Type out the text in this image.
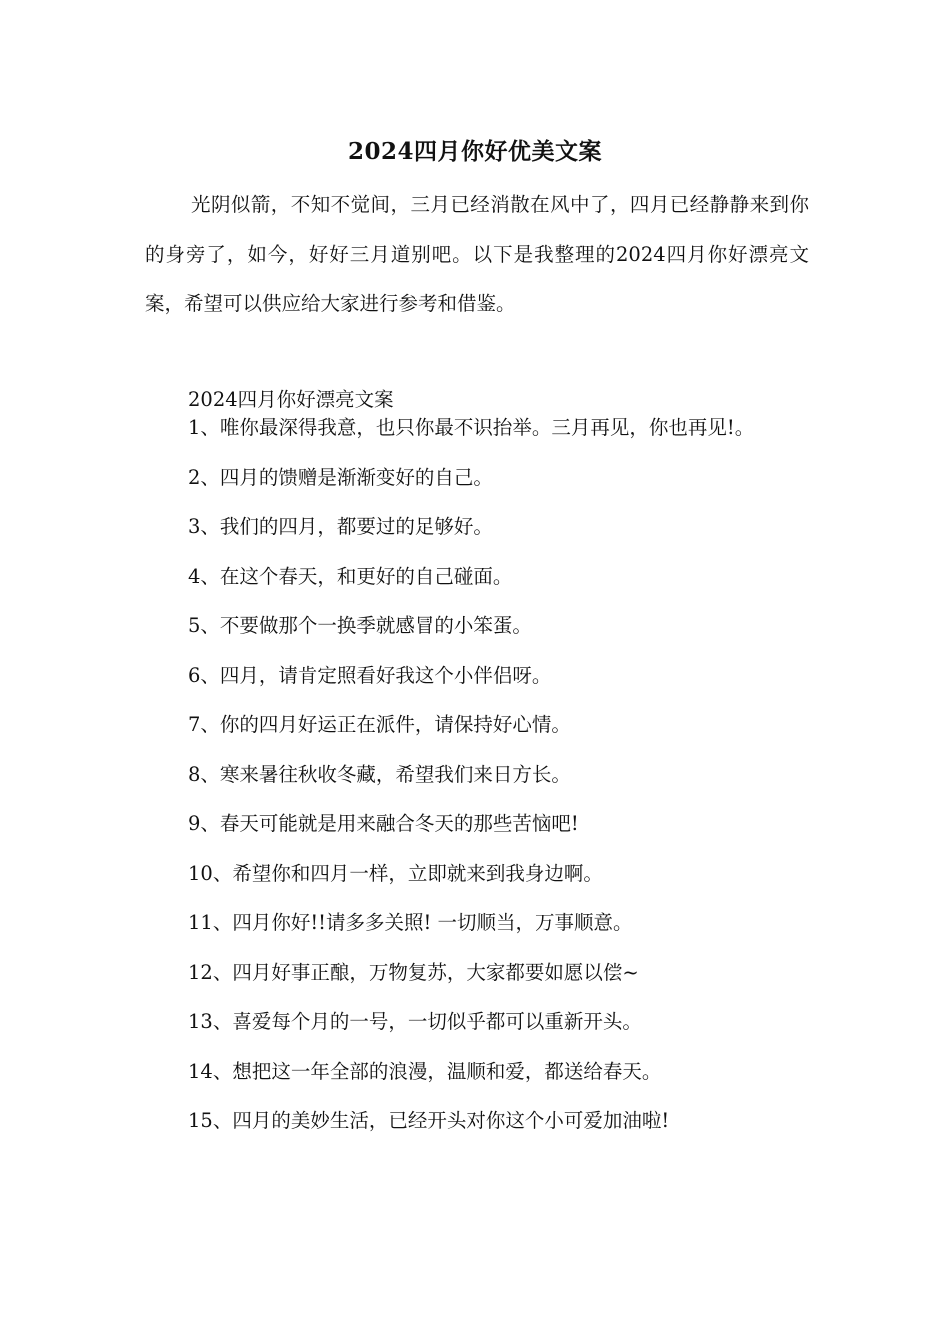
2024四月你好优美文案

光阴似箭，不知不觉间，三月已经消散在风中了，四月已经静静来到你的身旁了，如今，好好三月道别吧。以下是我整理的2024四月你好漂亮文案，希望可以供应给大家进行参考和借鉴。

2024四月你好漂亮文案

1、唯你最深得我意，也只你最不识抬举。三月再见，你也再见!。
2、四月的馈赠是渐渐变好的自己。
3、我们的四月，都要过的足够好。
4、在这个春天，和更好的自己碰面。
5、不要做那个一换季就感冒的小笨蛋。
6、四月，请肯定照看好我这个小伴侣呀。
7、你的四月好运正在派件，请保持好心情。
8、寒来暑往秋收冬藏，希望我们来日方长。
9、春天可能就是用来融合冬天的那些苦恼吧!
10、希望你和四月一样，立即就来到我身边啊。
11、四月你好!!请多多关照! 一切顺当，万事顺意。
12、四月好事正酿，万物复苏，大家都要如愿以偿~
13、喜爱每个月的一号，一切似乎都可以重新开头。
14、想把这一年全部的浪漫，温顺和爱，都送给春天。
15、四月的美妙生活，已经开头对你这个小可爱加油啦!
